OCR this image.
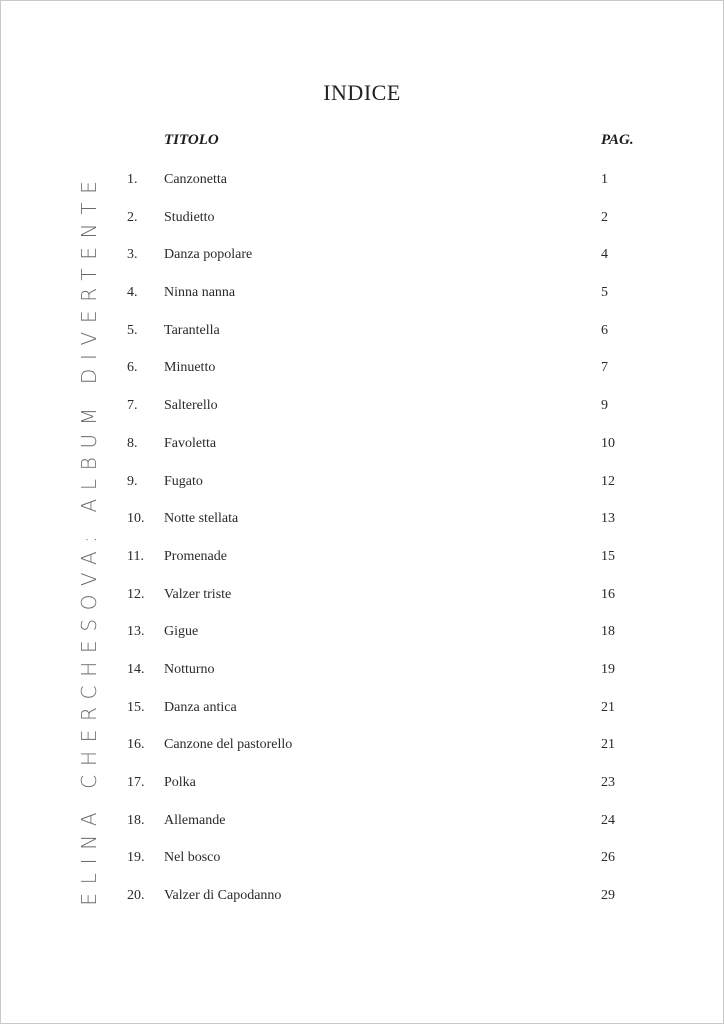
INDICE
TITOLO	PAG.
ELINA CHERCHESOVA: ALBUM DIVERTENTE 1. Canzonetta	1
2. Studietto	2
3. Danza popolare	4
4. Ninna nanna	5
5. Tarantella	6
6. Minuetto	7
7. Salterello	9
8. Favoletta	10
9. Fugato	12
10. Notte stellata	13
11. Promenade	15
12. Valzer triste	16
13. Gigue	18
14. Notturno	19
15. Danza antica	21
16. Canzone del pastorello	21
17. Polka	23
18. Allemande	24
19. Nel bosco	26
20. Valzer di Capodanno	29
